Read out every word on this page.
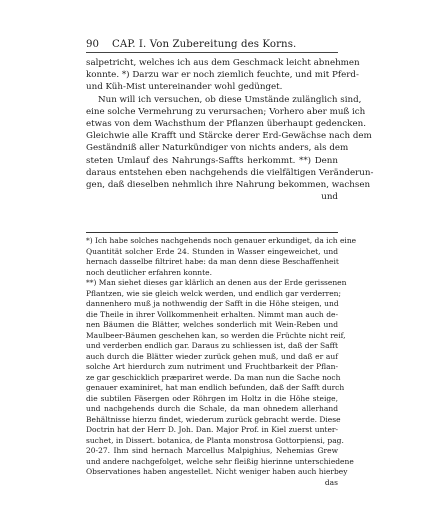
90 CAP. I. Von Zubereitung des Korns.
salpetricht, welches ich aus dem Geschmack leicht abnehmen
konnte. *) Darzu war er noch ziemlich feuchte, und mit Pferd-
und Küh-Mist untereinander wohl gedünget.
Nun will ich versuchen, ob diese Umstände zulänglich sind,
eine solche Vermehrung zu verursachen; Vorhero aber muß ich
etwas von dem Wachsthum der Pflanzen überhaupt gedencken.
Gleichwie alle Krafft und Stärcke derer Erd-Gewächse nach dem
Geständniß aller Naturkündiger von nichts anders, als dem
steten Umlauf des Nahrungs-Saffts herkommt. **) Denn
daraus entstehen eben nachgehends die vielfältigen Veränderun-
gen, daß dieselben nehmlich ihre Nahrung bekommen, wachsen
und
*) Ich habe solches nachgehends noch genauer erkundiget, da ich eine
Quantität solcher Erde 24. Stunden in Wasser eingeweichet, und
hernach dasselbe filtriret habe: da man denn diese Beschaffenheit
noch deutlicher erfahren konnte.
**) Man siehet dieses gar klärlich an denen aus der Erde gerissenen
Pflantzen, wie sie gleich welck werden, und endlich gar verderren;
dannenhero muß ja nothwendig der Safft in die Höhe steigen, und
die Theile in ihrer Vollkommenheit erhalten. Nimmt man auch de-
nen Bäumen die Blätter, welches sonderlich mit Wein-Reben und
Maulbeer-Bäumen geschehen kan, so werden die Früchte nicht reif,
und verderben endlich gar. Daraus zu schliessen ist, daß der Safft
auch durch die Blätter wieder zurück gehen muß, und daß er auf
solche Art hierdurch zum nutriment und Fruchtbarkeit der Pflan-
ze gar geschicklich præpariret werde. Da man nun die Sache noch
genauer examiniret, hat man endlich befunden, daß der Safft durch
die subtilen Fäsergen oder Röhrgen im Holtz in die Höhe steige,
und nachgehends durch die Schale, da man ohnedem allerhand
Behältnisse hierzu findet, wiederum zurück gebracht werde. Diese
Doctrin hat der Herr D. Joh. Dan. Major Prof. in Kiel zuerst unter-
suchet, in Dissert. botanica, de Planta monstrosa Gottorpiensi, pag.
20-27. Ihm sind hernach Marcellus Malpighius, Nehemias Grew
und andere nachgefolget, welche sehr fleißig hierinne unterschiedene
Observationes haben angestellet. Nicht weniger haben auch hierbey
das
